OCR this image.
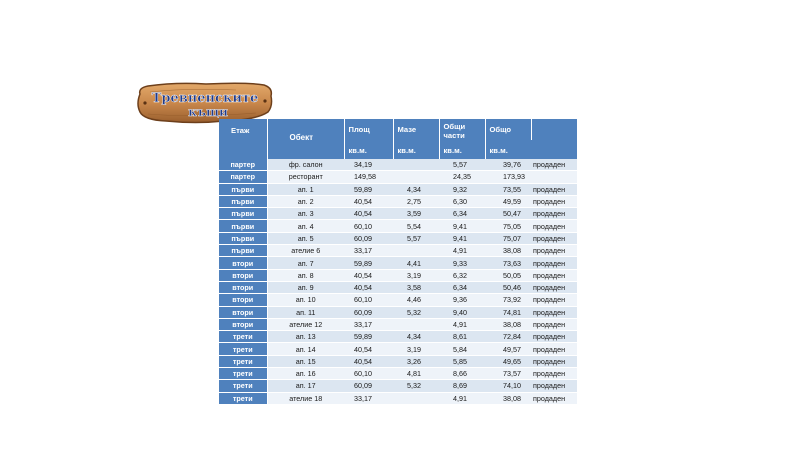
Тревненските
къщи
Етаж	Обект	Площ	Мазе	Общи части	Общо	

		кв.м.	кв.м.	кв.м.	кв.м.	

партер	фр. салон	34,19		5,57	39,76	продаден
партер	ресторант	149,58		24,35	173,93	
първи	ап. 1	59,89	4,34	9,32	73,55	продаден
първи	ап. 2	40,54	2,75	6,30	49,59	продаден
първи	ап. 3	40,54	3,59	6,34	50,47	продаден
първи	ап. 4	60,10	5,54	9,41	75,05	продаден
първи	ап. 5	60,09	5,57	9,41	75,07	продаден
първи	ателие 6	33,17		4,91	38,08	продаден
втори	ап. 7	59,89	4,41	9,33	73,63	продаден
втори	ап. 8	40,54	3,19	6,32	50,05	продаден
втори	ап. 9	40,54	3,58	6,34	50,46	продаден
втори	ап. 10	60,10	4,46	9,36	73,92	продаден
втори	ап. 11	60,09	5,32	9,40	74,81	продаден
втори	ателие 12	33,17		4,91	38,08	продаден
трети	ап. 13	59,89	4,34	8,61	72,84	продаден
трети	ап. 14	40,54	3,19	5,84	49,57	продаден
трети	ап. 15	40,54	3,26	5,85	49,65	продаден
трети	ап. 16	60,10	4,81	8,66	73,57	продаден
трети	ап. 17	60,09	5,32	8,69	74,10	продаден
трети	ателие 18	33,17		4,91	38,08	продаден
